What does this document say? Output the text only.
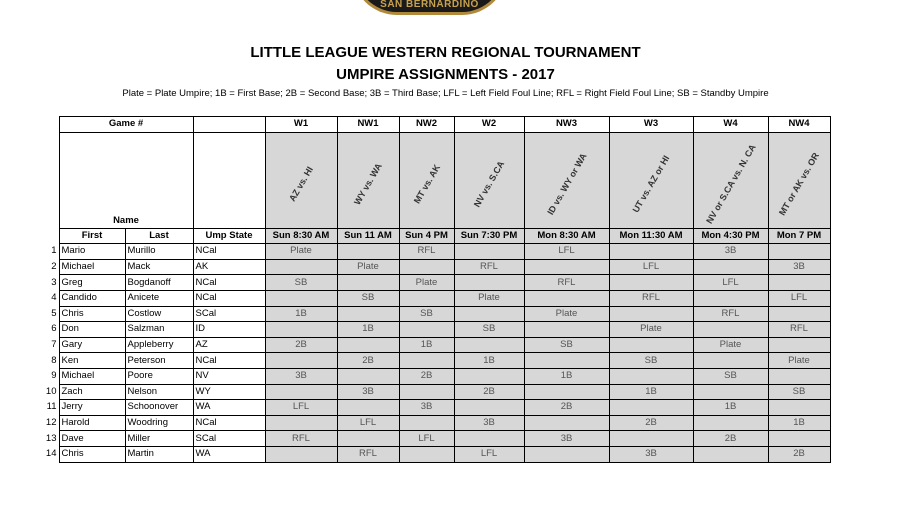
SAN BERNARDINO
LITTLE LEAGUE WESTERN REGIONAL TOURNAMENT
UMPIRE ASSIGNMENTS - 2017
Plate = Plate Umpire; 1B = First Base; 2B = Second Base; 3B = Third Base; LFL = Left Field Foul Line; RFL = Right Field Foul Line; SB = Standby Umpire
	Game #			W1	NW1	NW2	W2	NW3	W3	W4	NW4
	Name			AZ vs. HI	WY vs. WA	MT vs. AK	NV vs. S.CA	ID vs. WY or WA	UT vs. AZ or HI	NV or S.CA vs. N. CA	MT or AK vs. OR

	First	Last	Ump State	Sun 8:30 AM	Sun 11 AM	Sun 4 PM	Sun 7:30 PM	Mon 8:30 AM	Mon 11:30 AM	Mon 4:30 PM	Mon 7 PM
1	Mario	Murillo	NCal	Plate		RFL		LFL		3B	
2	Michael	Mack	AK		Plate		RFL		LFL		3B
3	Greg	Bogdanoff	NCal	SB		Plate		RFL		LFL	
4	Candido	Anicete	NCal		SB		Plate		RFL		LFL
5	Chris	Costlow	SCal	1B		SB		Plate		RFL	
6	Don	Salzman	ID		1B		SB		Plate		RFL
7	Gary	Appleberry	AZ	2B		1B		SB		Plate	
8	Ken	Peterson	NCal		2B		1B		SB		Plate
9	Michael	Poore	NV	3B		2B		1B		SB	
10	Zach	Nelson	WY		3B		2B		1B		SB
11	Jerry	Schoonover	WA	LFL		3B		2B		1B	
12	Harold	Woodring	NCal		LFL		3B		2B		1B
13	Dave	Miller	SCal	RFL		LFL		3B		2B	
14	Chris	Martin	WA		RFL		LFL		3B		2B
